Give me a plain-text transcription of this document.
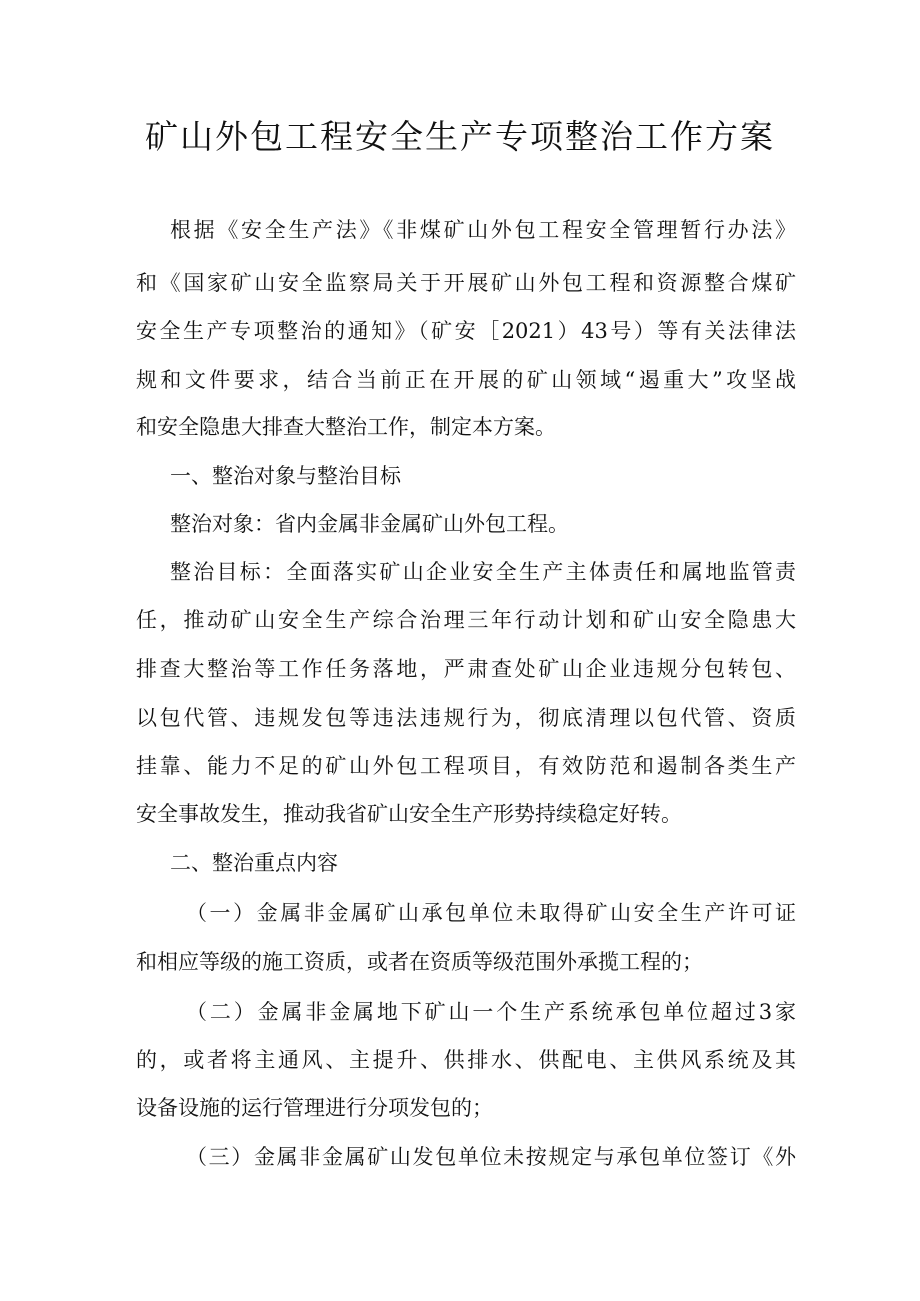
矿山外包工程安全生产专项整治工作方案
根据《安全生产法》《非煤矿山外包工程安全管理暂行办法》
和《国家矿山安全监察局关于开展矿山外包工程和资源整合煤矿
安全生产专项整治的通知》（矿安［2021）43号）等有关法律法
规和文件要求，结合当前正在开展的矿山领域“遏重大”攻坚战
和安全隐患大排查大整治工作，制定本方案。
一、整治对象与整治目标
整治对象：省内金属非金属矿山外包工程。
整治目标：全面落实矿山企业安全生产主体责任和属地监管责
任，推动矿山安全生产综合治理三年行动计划和矿山安全隐患大
排查大整治等工作任务落地，严肃查处矿山企业违规分包转包、
以包代管、违规发包等违法违规行为，彻底清理以包代管、资质
挂靠、能力不足的矿山外包工程项目，有效防范和遏制各类生产
安全事故发生，推动我省矿山安全生产形势持续稳定好转。
二、整治重点内容
（一）金属非金属矿山承包单位未取得矿山安全生产许可证
和相应等级的施工资质，或者在资质等级范围外承揽工程的；
（二）金属非金属地下矿山一个生产系统承包单位超过3家
的，或者将主通风、主提升、供排水、供配电、主供风系统及其
设备设施的运行管理进行分项发包的；
（三）金属非金属矿山发包单位未按规定与承包单位签订《外
